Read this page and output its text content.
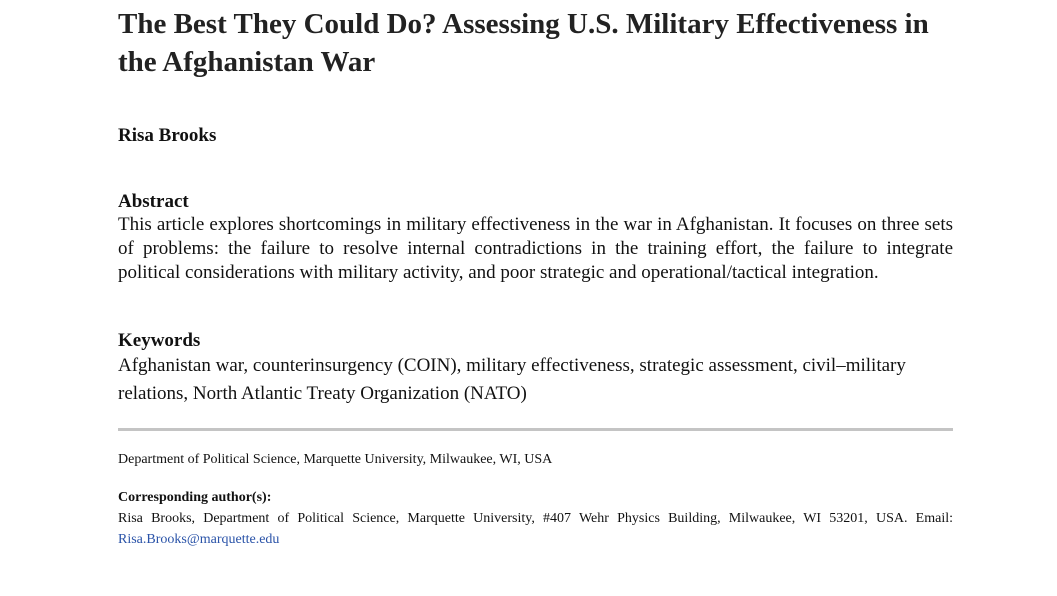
The Best They Could Do? Assessing U.S. Military Effectiveness in the Afghanistan War
Risa Brooks
Abstract

This article explores shortcomings in military effectiveness in the war in Afghanistan. It focuses on three sets of problems: the failure to resolve internal contradictions in the training effort, the failure to integrate political considerations with military activity, and poor strategic and operational/tactical integration.

Keywords

Afghanistan war, counterinsurgency (COIN), military effectiveness, strategic assessment, civil–military relations, North Atlantic Treaty Organization (NATO)

Department of Political Science, Marquette University, Milwaukee, WI, USA
Corresponding author(s):
Risa Brooks, Department of Political Science, Marquette University, #407 Wehr Physics Building, Milwaukee, WI 53201, USA. Email: Risa.Brooks@marquette.edu
